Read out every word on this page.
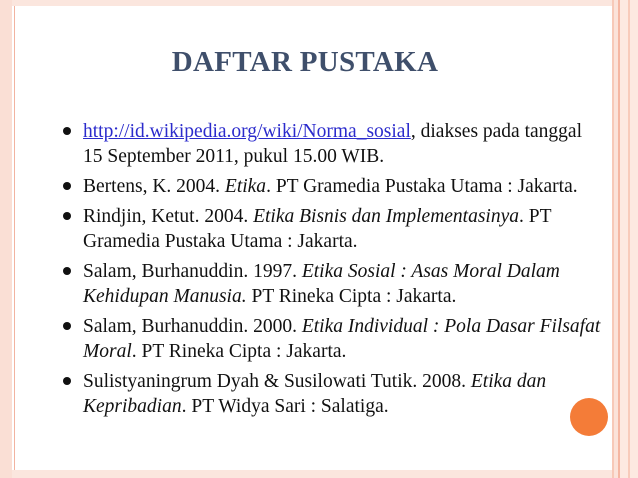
DAFTAR PUSTAKA
http://id.wikipedia.org/wiki/Norma_sosial, diakses pada tanggal 15 September 2011, pukul 15.00 WIB.
Bertens, K. 2004. Etika. PT Gramedia Pustaka Utama : Jakarta.
Rindjin, Ketut. 2004. Etika Bisnis dan Implementasinya. PT Gramedia Pustaka Utama : Jakarta.
Salam, Burhanuddin. 1997. Etika Sosial : Asas Moral Dalam Kehidupan Manusia. PT Rineka Cipta : Jakarta.
Salam, Burhanuddin. 2000. Etika Individual : Pola Dasar Filsafat Moral. PT Rineka Cipta : Jakarta.
Sulistyaningrum Dyah & Susilowati Tutik. 2008. Etika dan Kepribadian. PT Widya Sari : Salatiga.
